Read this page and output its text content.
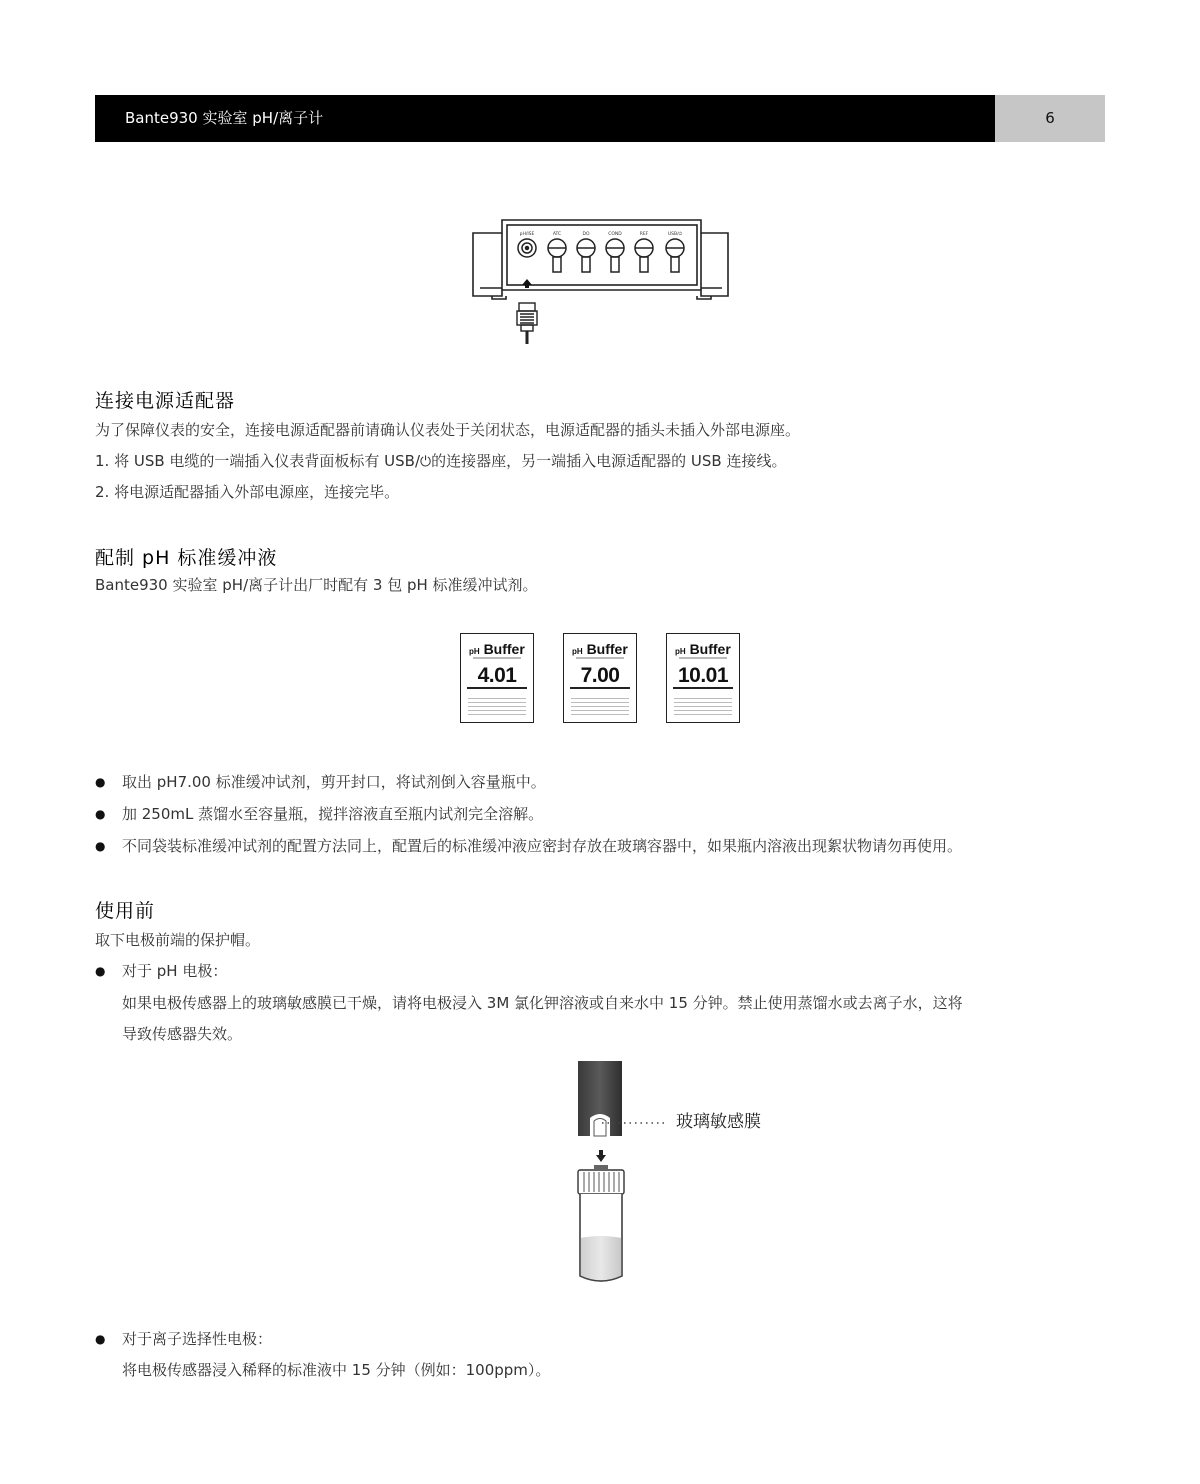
Bante930 实验室 pH/离子计	6
pH/ISE	ATC	DO	COND	REF	USB/⏻
连接电源适配器
为了保障仪表的安全，连接电源适配器前请确认仪表处于关闭状态，电源适配器的插头未插入外部电源座。
1. 将 USB 电缆的一端插入仪表背面板标有 USB/⏻的连接器座，另一端插入电源适配器的 USB 连接线。
2. 将电源适配器插入外部电源座，连接完毕。
配制 pH 标准缓冲液
Bante930 实验室 pH/离子计出厂时配有 3 包 pH 标准缓冲试剂。
pH Buffer
4.01
pH Buffer
7.00
pH Buffer
10.01
● 取出 pH7.00 标准缓冲试剂，剪开封口，将试剂倒入容量瓶中。
● 加 250mL 蒸馏水至容量瓶，搅拌溶液直至瓶内试剂完全溶解。
● 不同袋装标准缓冲试剂的配置方法同上，配置后的标准缓冲液应密封存放在玻璃容器中，如果瓶内溶液出现絮状物请勿再使用。
使用前
取下电极前端的保护帽。
● 对于 pH 电极：
如果电极传感器上的玻璃敏感膜已干燥，请将电极浸入 3M 氯化钾溶液或自来水中 15 分钟。禁止使用蒸馏水或去离子水，这将
导致传感器失效。
玻璃敏感膜
● 对于离子选择性电极：
将电极传感器浸入稀释的标准液中 15 分钟（例如：100ppm）。
